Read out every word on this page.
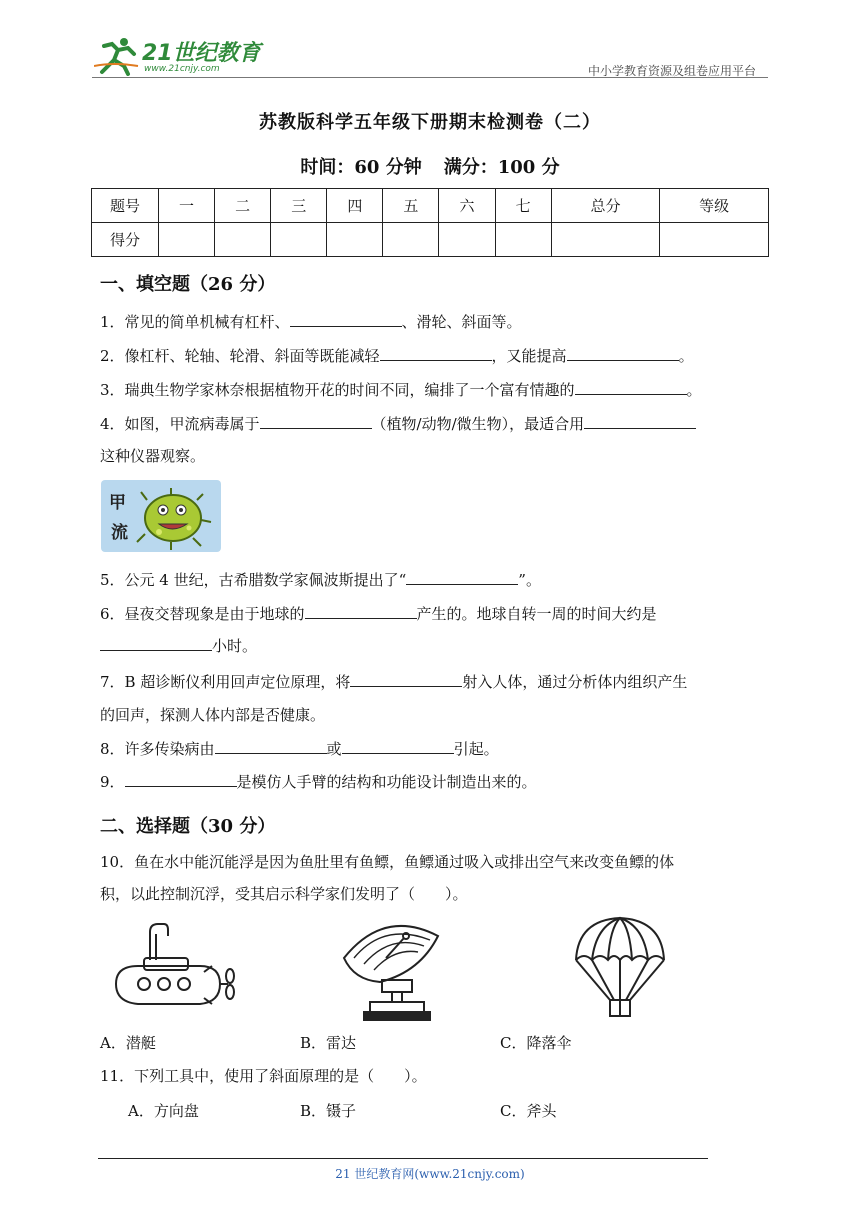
21世纪教育
www.21cnjy.com	中小学教育资源及组卷应用平台
苏教版科学五年级下册期末检测卷（二）
时间：60 分钟 满分：100 分
题号	一	二	三	四	五	六	七	总分	等级
得分									
一、填空题（26 分）
1．常见的简单机械有杠杆、	、滑轮、斜面等。
2．像杠杆、轮轴、轮滑、斜面等既能减轻	，又能提高	。
3．瑞典生物学家林奈根据植物开花的时间不同，编排了一个富有情趣的	。
4．如图，甲流病毒属于	（植物/动物/微生物），最适合用
这种仪器观察。
甲
流
5．公元 4 世纪，古希腊数学家佩波斯提出了“	”。
6．昼夜交替现象是由于地球的	产生的。地球自转一周的时间大约是
小时。
7．B 超诊断仪利用回声定位原理，将	射入人体，通过分析体内组织产生
的回声，探测人体内部是否健康。
8．许多传染病由	或	引起。
9．	是模仿人手臂的结构和功能设计制造出来的。
二、选择题（30 分）
10．鱼在水中能沉能浮是因为鱼肚里有鱼鳔，鱼鳔通过吸入或排出空气来改变鱼鳔的体
积，以此控制沉浮，受其启示科学家们发明了（　　）。
A．潜艇	B．雷达	C．降落伞
11．下列工具中，使用了斜面原理的是（　　）。
A．方向盘	B．镊子	C．斧头
21 世纪教育网(www.21cnjy.com)
